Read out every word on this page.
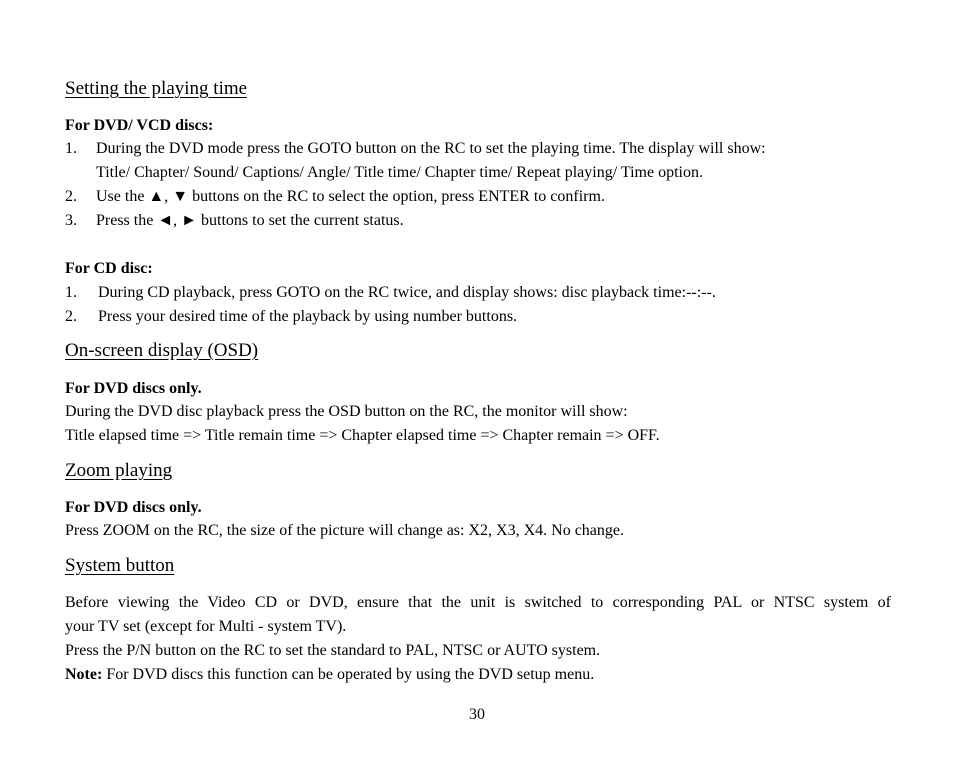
Setting the playing time
For DVD/ VCD discs:
1. During the DVD mode press the GOTO button on the RC to set the playing time. The display will show:
Title/ Chapter/ Sound/ Captions/ Angle/ Title time/ Chapter time/ Repeat playing/ Time option.
2. Use the ▲, ▼ buttons on the RC to select the option, press ENTER to confirm.
3. Press the ◄, ► buttons to set the current status.
For CD disc:
1. During CD playback, press GOTO on the RC twice, and display shows: disc playback time:--:--.
2. Press your desired time of the playback by using number buttons.
On-screen display (OSD)
For DVD discs only.
During the DVD disc playback press the OSD button on the RC, the monitor will show:
Title elapsed time => Title remain time => Chapter elapsed time => Chapter remain => OFF.
Zoom playing
For DVD discs only.
Press ZOOM on the RC, the size of the picture will change as: X2, X3, X4. No change.
System button
Before viewing the Video CD or DVD, ensure that the unit is switched to corresponding PAL or NTSC system of
your TV set (except for Multi - system TV).
Press the P/N button on the RC to set the standard to PAL, NTSC or AUTO system.
Note: For DVD discs this function can be operated by using the DVD setup menu.
30
